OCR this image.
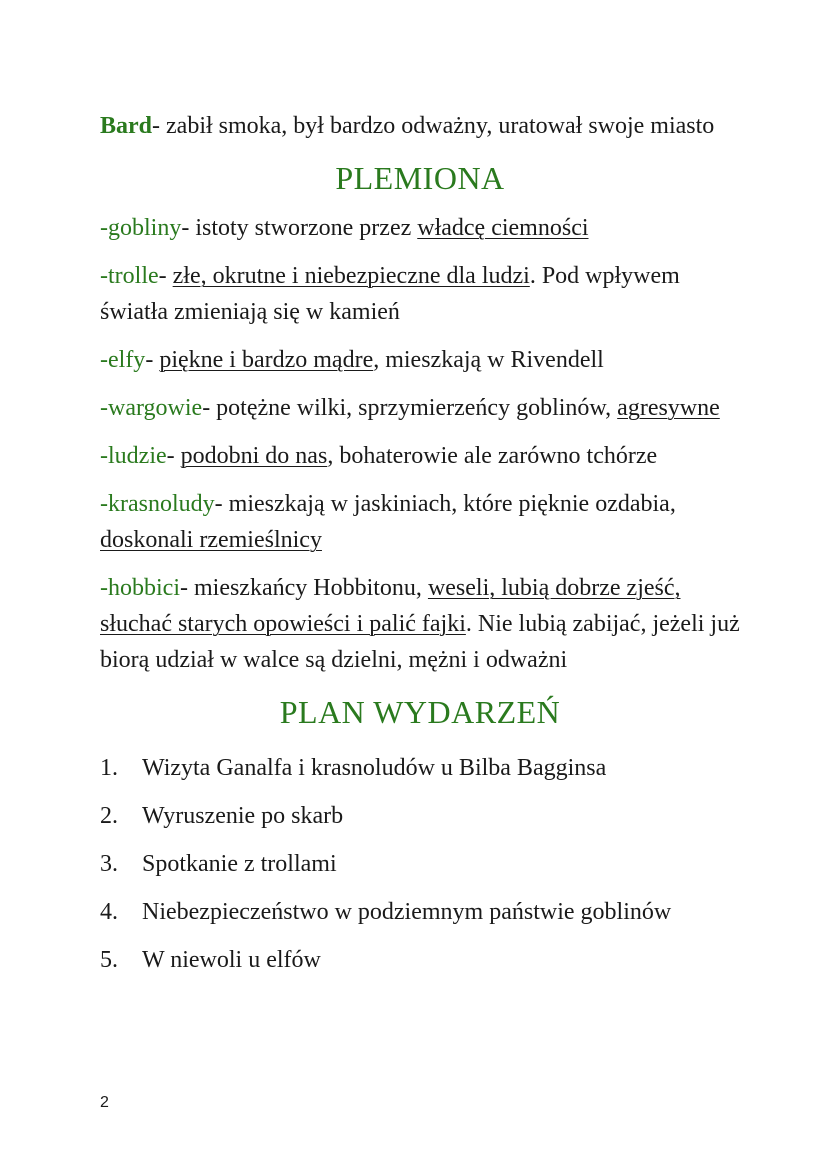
Bard- zabił smoka, był bardzo odważny, uratował swoje miasto

PLEMIONA

-gobliny- istoty stworzone przez władcę ciemności

-trolle- złe, okrutne i niebezpieczne dla ludzi. Pod wpływem światła zmieniają się w kamień

-elfy- piękne i bardzo mądre, mieszkają w Rivendell

-wargowie- potężne wilki, sprzymierzeńcy goblinów, agresywne

-ludzie- podobni do nas, bohaterowie ale zarówno tchórze

-krasnoludy- mieszkają w jaskiniach, które pięknie ozdabia, doskonali rzemieślnicy

-hobbici- mieszkańcy Hobbitonu, weseli, lubią dobrze zjeść, słuchać starych opowieści i palić fajki. Nie lubią zabijać, jeżeli już biorą udział w walce są dzielni, mężni i odważni

PLAN WYDARZEŃ
1.	Wizyta Ganalfa i krasnoludów u Bilba Bagginsa
2.	Wyruszenie po skarb
3.	Spotkanie z trollami
4.	Niebezpieczeństwo w podziemnym państwie goblinów
5.	W niewoli u elfów
2
